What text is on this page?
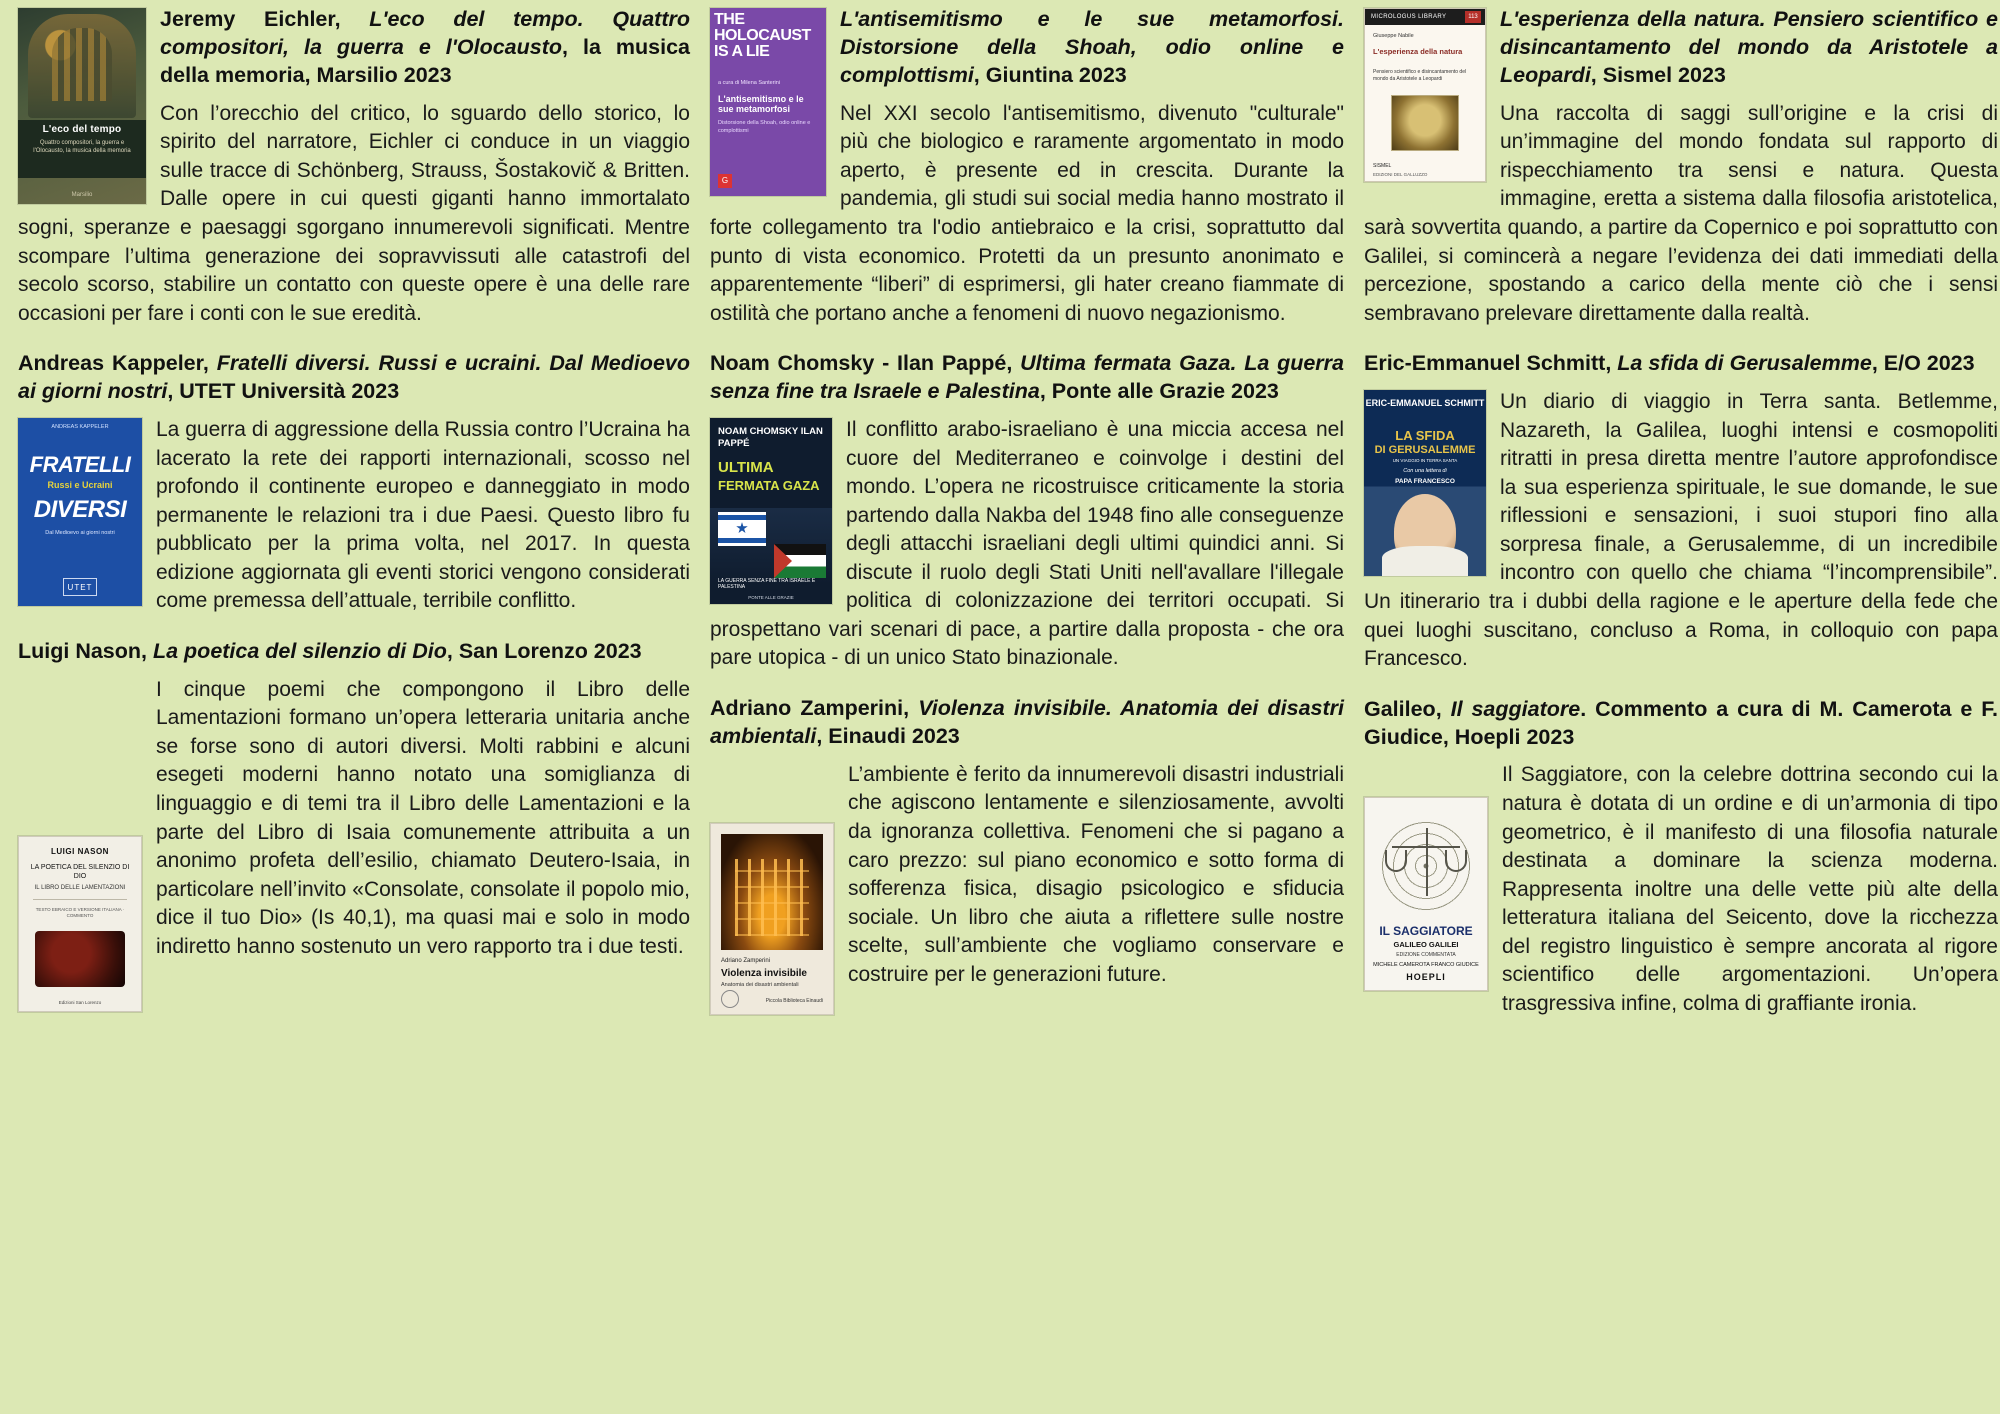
L'eco del tempo
Quattro compositori, la guerra e l'Olocausto, la musica della memoria
Marsilio
Jeremy Eichler, L'eco del tempo. Quattro compositori, la guerra e l'Olocausto, la musica della memoria, Marsilio 2023

Con l’orecchio del critico, lo sguardo dello storico, lo spirito del narratore, Eichler ci conduce in un viaggio sulle tracce di Schönberg, Strauss, Šostakovič & Britten. Dalle opere in cui questi giganti hanno immortalato sogni, speranze e paesaggi sgorgano innumerevoli significati. Mentre scompare l’ultima generazione dei sopravvissuti alle catastrofi del secolo scorso, stabilire un contatto con queste opere è una delle rare occasioni per fare i conti con le sue eredità.

Andreas Kappeler, Fratelli diversi. Russi e ucraini. Dal Medioevo ai giorni nostri, UTET Università 2023
ANDREAS KAPPELER
FRATELLI
Russi e Ucraini
DIVERSI
Dal Medioevo ai giorni nostri
UTET

La guerra di aggressione della Russia contro l’Ucraina ha lacerato la rete dei rapporti internazionali, scosso nel profondo il continente europeo e danneggiato in modo permanente le relazioni tra i due Paesi. Questo libro fu pubblicato per la prima volta, nel 2017. In questa edizione aggiornata gli eventi storici vengono considerati come premessa dell’attuale, terribile conflitto.

Luigi Nason, La poetica del silenzio di Dio, San Lorenzo 2023
LUIGI NASON
LA POETICA DEL SILENZIO DI DIO
IL LIBRO DELLE LAMENTAZIONI
TESTO EBRAICO E VERSIONE ITALIANA · COMMENTO
Edizioni San Lorenzo

I cinque poemi che compongono il Libro delle Lamentazioni formano un’opera letteraria unitaria anche se forse sono di autori diversi. Molti rabbini e alcuni esegeti moderni hanno notato una somiglianza di linguaggio e di temi tra il Libro delle Lamentazioni e la parte del Libro di Isaia comunemente attribuita a un anonimo profeta dell’esilio, chiamato Deutero-Isaia, in particolare nell’invito «Consolate, consolate il popolo mio, dice il tuo Dio» (Is 40,1), ma quasi mai e solo in modo indiretto hanno sostenuto un vero rapporto tra i due testi.

THE HOLOCAUST IS A LIE
a cura di Milena Santerini
L'antisemitismo e le sue metamorfosi
Distorsione della Shoah, odio online e complottismi
G
L'antisemitismo e le sue metamorfosi. Distorsione della Shoah, odio online e complottismi, Giuntina 2023

Nel XXI secolo l'antisemitismo, divenuto "culturale" più che biologico e raramente argomentato in modo aperto, è presente ed in crescita. Durante la pandemia, gli studi sui social media hanno mostrato il forte collegamento tra l'odio antiebraico e la crisi, soprattutto dal punto di vista economico. Protetti da un presunto anonimato e apparentemente “liberi” di esprimersi, gli hater creano fiammate di ostilità che portano anche a fenomeni di nuovo negazionismo.

Noam Chomsky - Ilan Pappé, Ultima fermata Gaza. La guerra senza fine tra Israele e Palestina, Ponte alle Grazie 2023
NOAM CHOMSKY ILAN PAPPÉ
ULTIMA
FERMATA GAZA
LA GUERRA SENZA FINE TRA ISRAELE E PALESTINA
PONTE ALLE GRAZIE

Il conflitto arabo-israeliano è una miccia accesa nel cuore del Mediterraneo e coinvolge i destini del mondo. L’opera ne ricostruisce criticamente la storia partendo dalla Nakba del 1948 fino alle conseguenze degli attacchi israeliani degli ultimi quindici anni. Si discute il ruolo degli Stati Uniti nell'avallare l'illegale politica di colonizzazione dei territori occupati. Si prospettano vari scenari di pace, a partire dalla proposta - che ora pare utopica - di un unico Stato binazionale.

Adriano Zamperini, Violenza invisibile. Anatomia dei disastri ambientali, Einaudi 2023
Adriano Zamperini
Violenza invisibile
Anatomia dei disastri ambientali
Piccola Biblioteca Einaudi

L’ambiente è ferito da innumerevoli disastri industriali che agiscono lentamente e silenziosamente, avvolti da ignoranza collettiva. Fenomeni che si pagano a caro prezzo: sul piano economico e sotto forma di sofferenza fisica, disagio psicologico e sfiducia sociale. Un libro che aiuta a riflettere sulle nostre scelte, sull’ambiente che vogliamo conservare e costruire per le generazioni future.

MICROLOGUS LIBRARY	113
Giuseppe Nabile
L'esperienza della natura
Pensiero scientifico e disincantamento del mondo da Aristotele a Leopardi
SISMEL
EDIZIONI DEL GALLUZZO
L'esperienza della natura. Pensiero scientifico e disincantamento del mondo da Aristotele a Leopardi, Sismel 2023

Una raccolta di saggi sull’origine e la crisi di un’immagine del mondo fondata sul rapporto di rispecchiamento tra sensi e natura. Questa immagine, eretta a sistema dalla filosofia aristotelica, sarà sovvertita quando, a partire da Copernico e poi soprattutto con Galilei, si comincerà a negare l’evidenza dei dati immediati della percezione, spostando a carico della mente ciò che i sensi sembravano prelevare direttamente dalla realtà.

Eric-Emmanuel Schmitt, La sfida di Gerusalemme, E/O 2023
ERIC-EMMANUEL SCHMITT
LA SFIDA
DI GERUSALEMME
UN VIAGGIO IN TERRA SANTA
Con una lettera di
PAPA FRANCESCO

Un diario di viaggio in Terra santa. Betlemme, Nazareth, la Galilea, luoghi intensi e cosmopoliti ritratti in presa diretta mentre l’autore approfondisce la sua esperienza spirituale, le sue domande, le sue riflessioni e sensazioni, i suoi stupori fino alla sorpresa finale, a Gerusalemme, di un incredibile incontro con quello che chiama “l’incomprensibile”. Un itinerario tra i dubbi della ragione e le aperture della fede che quei luoghi suscitano, concluso a Roma, in colloquio con papa Francesco.

Galileo, Il saggiatore. Commento a cura di M. Camerota e F. Giudice, Hoepli 2023
IL SAGGIATORE
GALILEO GALILEI
EDIZIONE COMMENTATA
MICHELE CAMEROTA FRANCO GIUDICE
HOEPLI

Il Saggiatore, con la celebre dottrina secondo cui la natura è dotata di un ordine e di un’armonia di tipo geometrico, è il manifesto di una filosofia naturale destinata a dominare la scienza moderna. Rappresenta inoltre una delle vette più alte della letteratura italiana del Seicento, dove la ricchezza del registro linguistico è sempre ancorata al rigore scientifico delle argomentazioni. Un’opera trasgressiva infine, colma di graffiante ironia.
